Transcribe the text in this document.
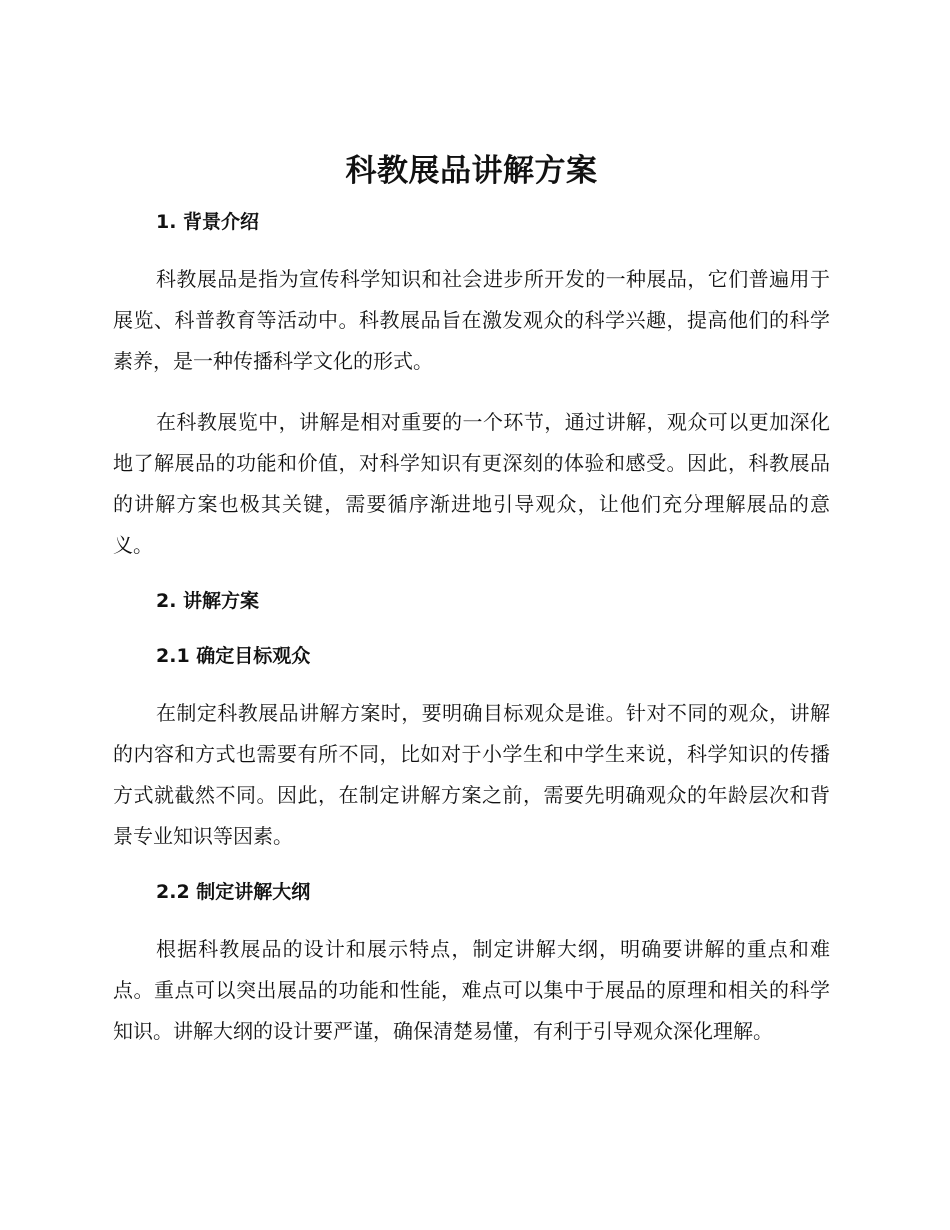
科教展品讲解方案
1. 背景介绍

科教展品是指为宣传科学知识和社会进步所开发的一种展品，它们普遍用于展览、科普教育等活动中。科教展品旨在激发观众的科学兴趣，提高他们的科学素养，是一种传播科学文化的形式。

在科教展览中，讲解是相对重要的一个环节，通过讲解，观众可以更加深化地了解展品的功能和价值，对科学知识有更深刻的体验和感受。因此，科教展品的讲解方案也极其关键，需要循序渐进地引导观众，让他们充分理解展品的意义。

2. 讲解方案
2.1 确定目标观众

在制定科教展品讲解方案时，要明确目标观众是谁。针对不同的观众，讲解的内容和方式也需要有所不同，比如对于小学生和中学生来说，科学知识的传播方式就截然不同。因此，在制定讲解方案之前，需要先明确观众的年龄层次和背景专业知识等因素。

2.2 制定讲解大纲

根据科教展品的设计和展示特点，制定讲解大纲，明确要讲解的重点和难点。重点可以突出展品的功能和性能，难点可以集中于展品的原理和相关的科学知识。讲解大纲的设计要严谨，确保清楚易懂，有利于引导观众深化理解。
